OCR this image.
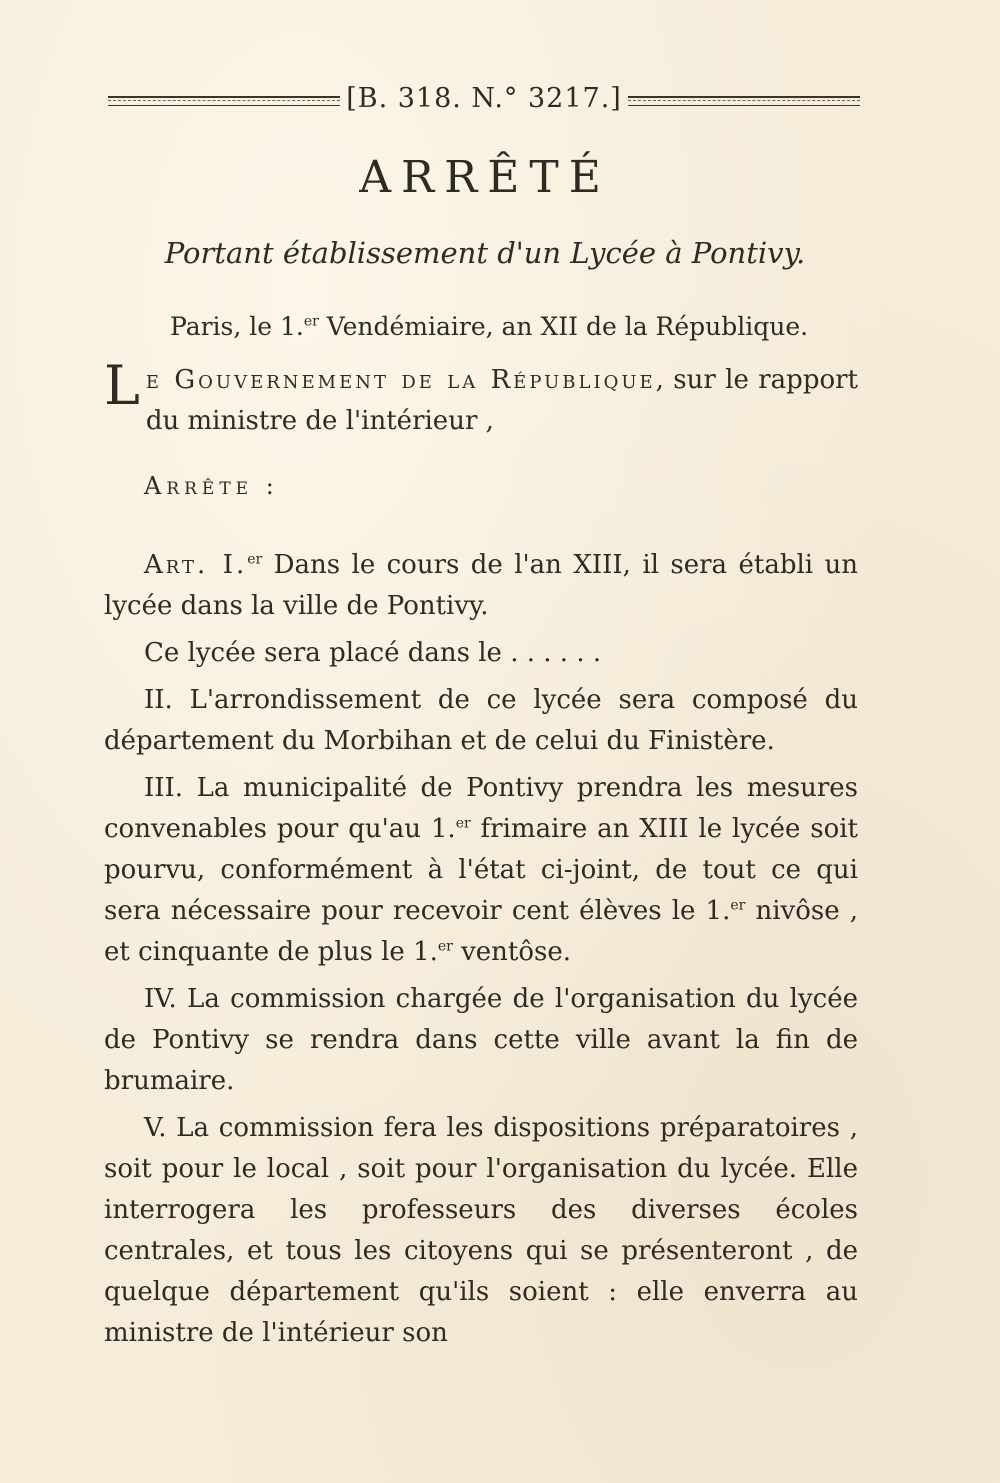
[B. 318. N.° 3217.]
ARRÊTÉ
Portant établissement d'un Lycée à Pontivy.
Paris, le 1.$^{er}$ Vendémiaire, an XII de la République.

Le Gouvernement de la République, sur le rapport du ministre de l'intérieur ,

Arrête :

Art. I.$^{er}$ Dans le cours de l'an XIII, il sera établi un lycée dans la ville de Pontivy.

Ce lycée sera placé dans le . . . . . .

II. L'arrondissement de ce lycée sera composé du département du Morbihan et de celui du Finistère.

III. La municipalité de Pontivy prendra les mesures convenables pour qu'au 1.$^{er}$ frimaire an XIII le lycée soit pourvu, conformément à l'état ci-joint, de tout ce qui sera nécessaire pour recevoir cent élèves le 1.$^{er}$ nivôse , et cinquante de plus le 1.$^{er}$ ventôse.

IV. La commission chargée de l'organisation du lycée de Pontivy se rendra dans cette ville avant la fin de brumaire.

V. La commission fera les dispositions préparatoires , soit pour le local , soit pour l'organisation du lycée. Elle interrogera les professeurs des diverses écoles centrales, et tous les citoyens qui se présenteront , de quelque département qu'ils soient : elle enverra au ministre de l'intérieur son
